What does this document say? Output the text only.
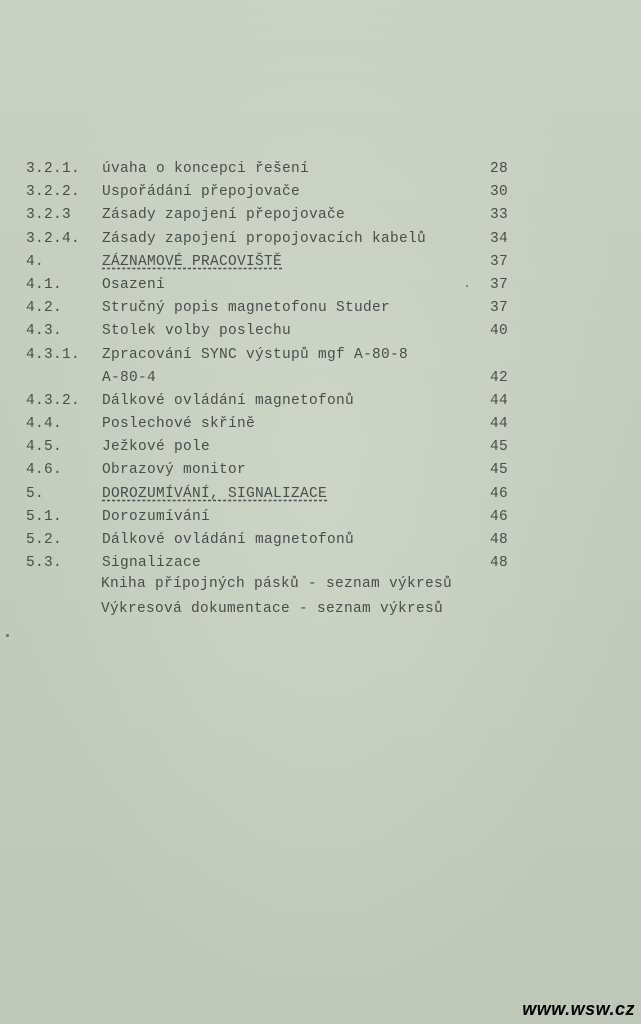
3.2.1. úvaha o koncepci řešení	28
3.2.2. Uspořádání přepojovače	30
3.2.3 Zásady zapojení přepojovače	33
3.2.4. Zásady zapojení propojovacích kabelů	34
4.	ZÁZNAMOVÉ PRACOVIŠTĚ	37
4.1.	Osazení	37
4.2.	Stručný popis magnetofonu Studer	37
4.3.	Stolek volby poslechu	40
4.3.1. Zpracování SYNC výstupů mgf A-80-8
A-80-4	42
4.3.2. Dálkové ovládání magnetofonů	44
4.4.	Poslechové skříně	44
4.5.	Ježkové pole	45
4.6.	Obrazový monitor	45
5.	DOROZUMÍVÁNÍ, SIGNALIZACE	46
5.1.	Dorozumívání	46
5.2.	Dálkové ovládání magnetofonů	48
5.3.	Signalizace	48
Kniha přípojných pásků - seznam výkresů
Výkresová dokumentace - seznam výkresů
www.wsw.cz
